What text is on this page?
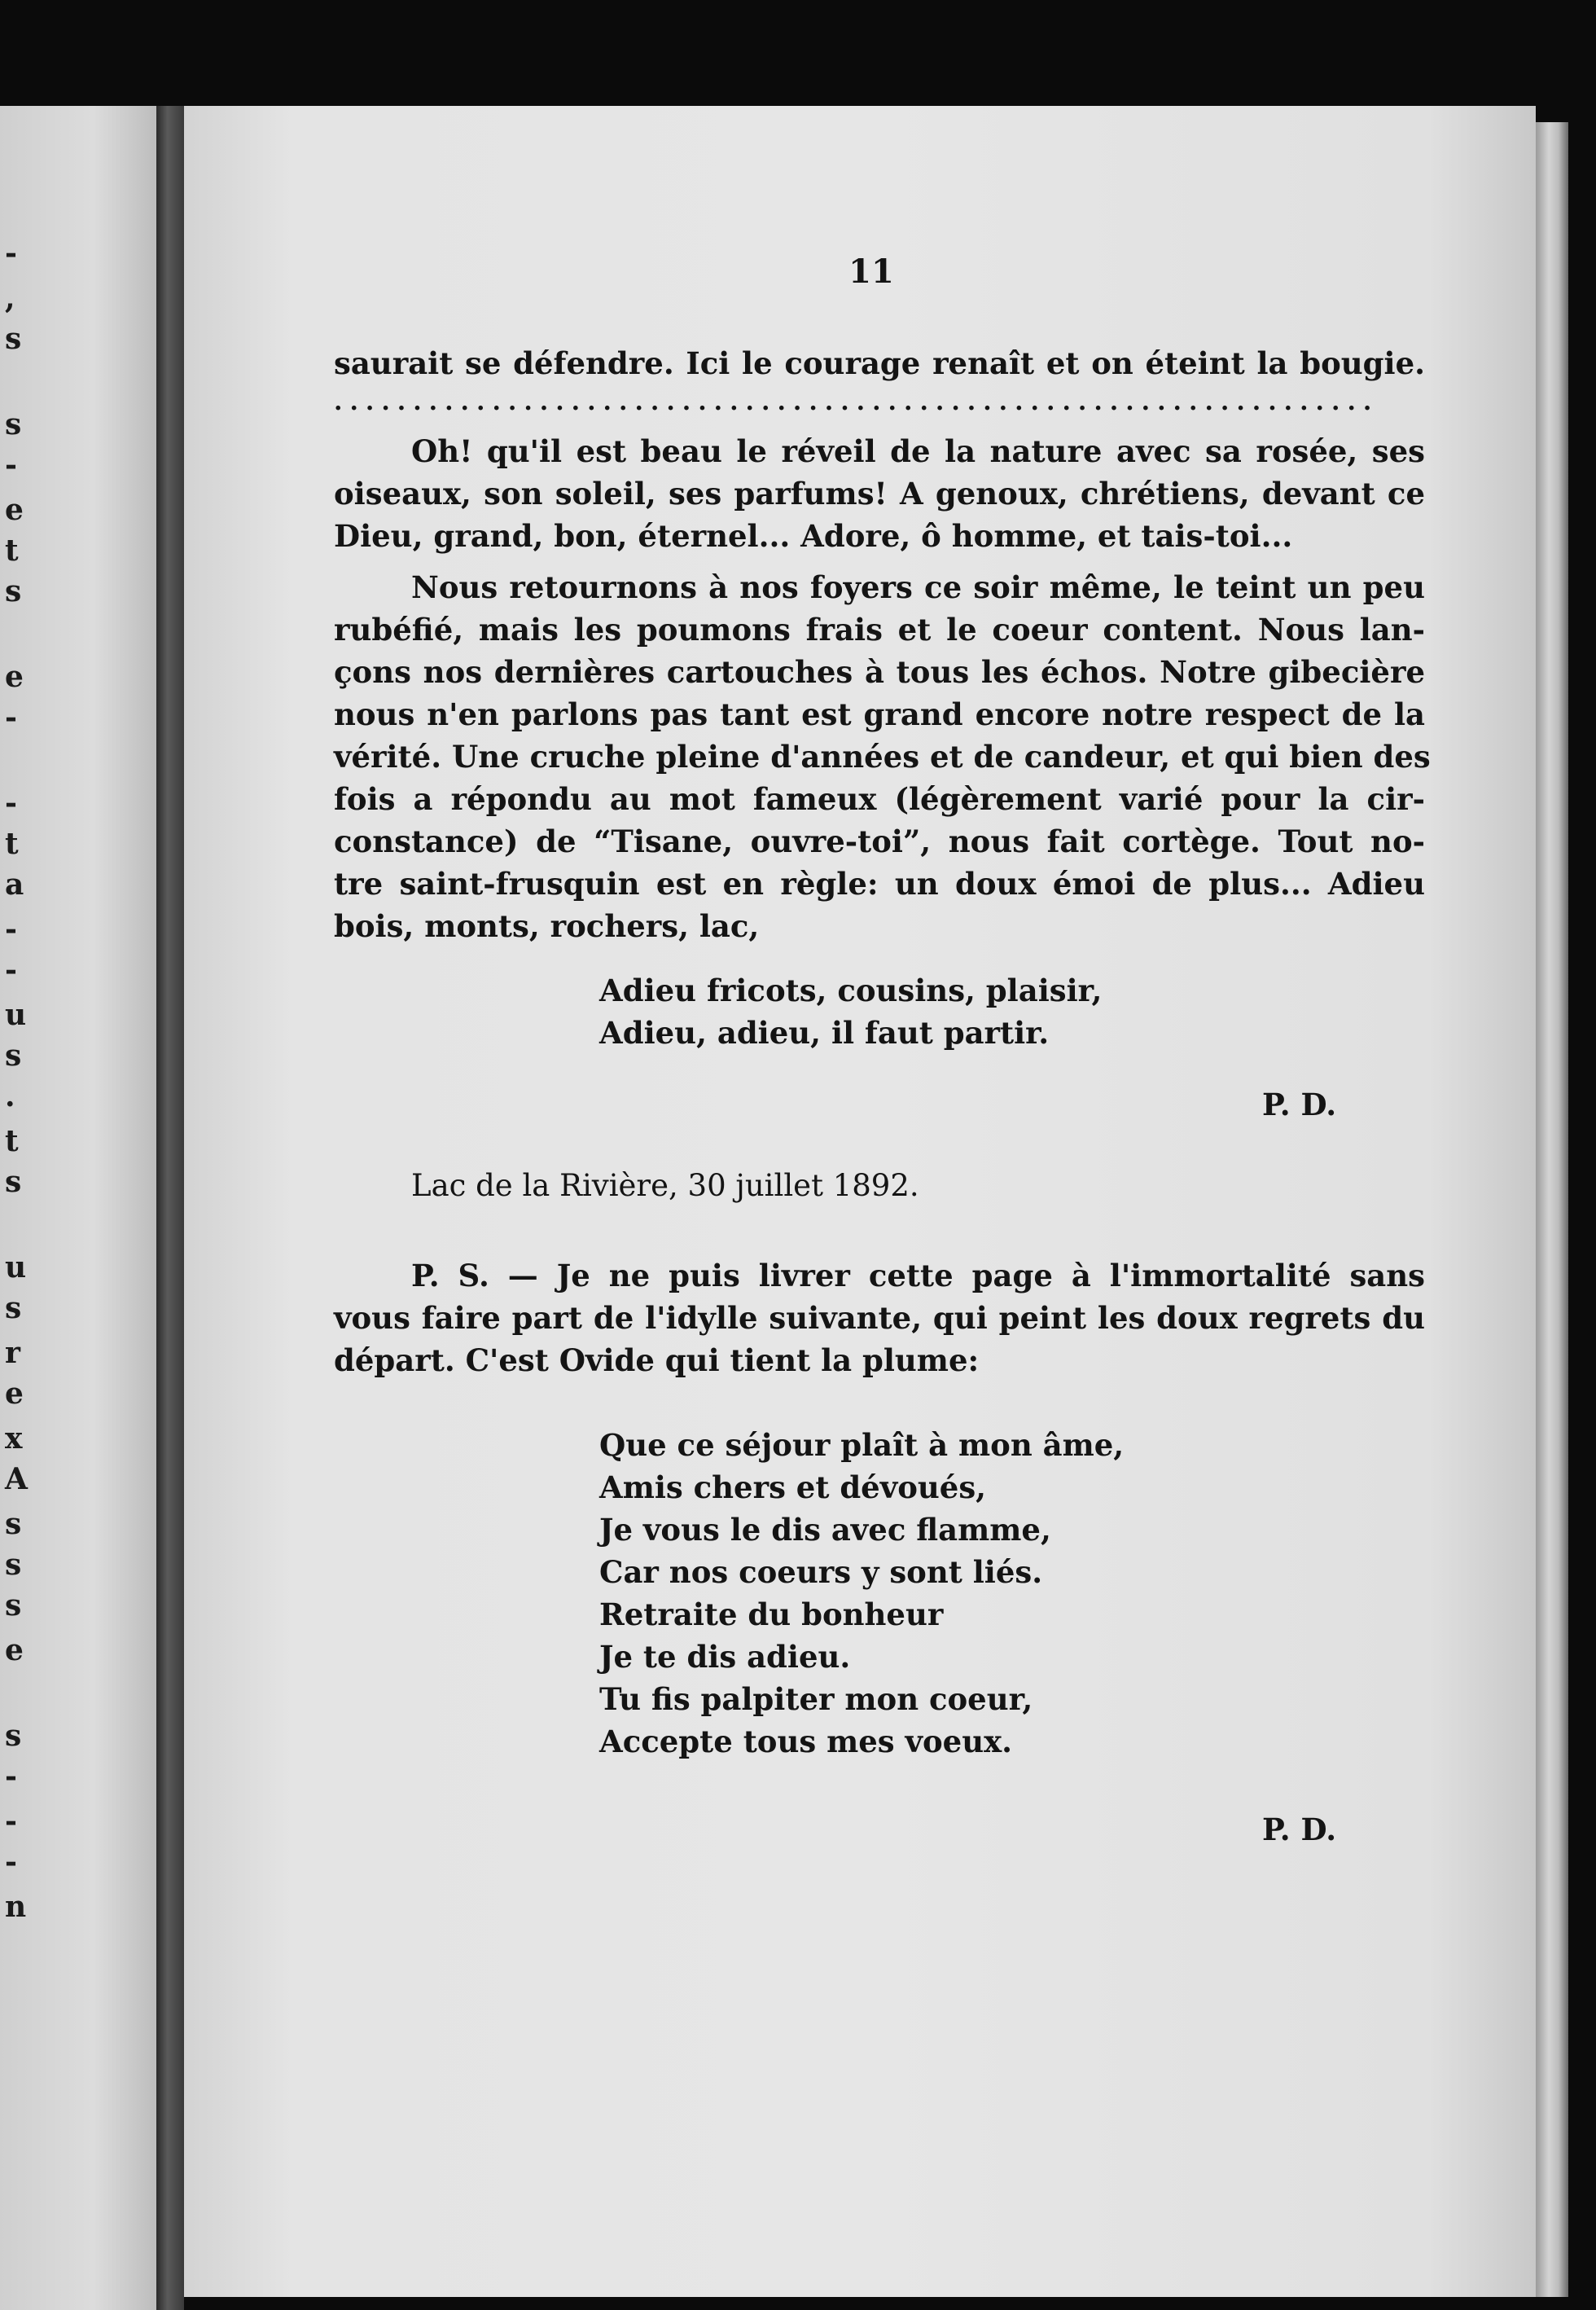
-
,
s
s
-
e
t
s
e
-
-
t
a
-
-
u
s
.
t
s
u
s
r
e
x
A
s
s
s
e
s
-
-
-
n
11
saurait se défendre. Ici le courage renaît et on éteint la bougie.
..................................................................
Oh! qu'il est beau le réveil de la nature avec sa rosée, ses
oiseaux, son soleil, ses parfums! A genoux, chrétiens, devant ce
Dieu, grand, bon, éternel... Adore, ô homme, et tais-toi...
Nous retournons à nos foyers ce soir même, le teint un peu
rubéfié, mais les poumons frais et le coeur content. Nous lan-
çons nos dernières cartouches à tous les échos. Notre gibecière
nous n'en parlons pas tant est grand encore notre respect de la
vérité. Une cruche pleine d'années et de candeur, et qui bien des
fois a répondu au mot fameux (légèrement varié pour la cir-
constance) de “Tisane, ouvre-toi”, nous fait cortège. Tout no-
tre saint-frusquin est en règle: un doux émoi de plus... Adieu
bois, monts, rochers, lac,
Adieu fricots, cousins, plaisir,
Adieu, adieu, il faut partir.
P. D.
Lac de la Rivière, 30 juillet 1892.
P. S. — Je ne puis livrer cette page à l'immortalité sans
vous faire part de l'idylle suivante, qui peint les doux regrets du
départ. C'est Ovide qui tient la plume:
Que ce séjour plaît à mon âme,
Amis chers et dévoués,
Je vous le dis avec flamme,
Car nos coeurs y sont liés.
Retraite du bonheur
Je te dis adieu.
Tu fis palpiter mon coeur,
Accepte tous mes voeux.
P. D.
